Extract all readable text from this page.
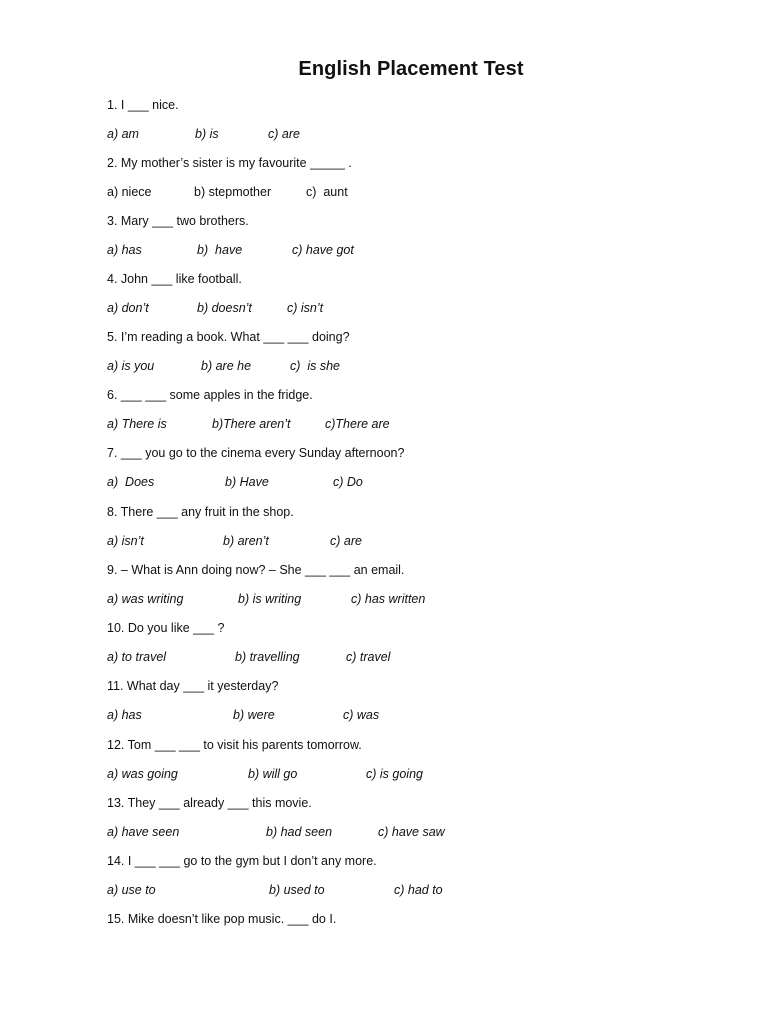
English Placement Test
1. I ___ nice.
a) am	b) is	c) are
2. My mother’s sister is my favourite _____ .
a) niece	b) stepmother	c)  aunt
3. Mary ___ two brothers.
a) has	b)  have	c) have got
4. John ___ like football.
a) don’t	b) doesn’t	c) isn’t
5. I’m reading a book. What ___ ___ doing?
a) is you	b) are he	c)  is she
6. ___ ___ some apples in the fridge.
a) There is	b)There aren’t	c)There are
7. ___ you go to the cinema every Sunday afternoon?
a)  Does	b) Have	c) Do
8. There ___ any fruit in the shop.
a) isn’t	b) aren’t	c) are
9. – What is Ann doing now? – She ___ ___ an email.
a) was writing	b) is writing	c) has written
10. Do you like ___ ?
a) to travel	b) travelling	c) travel
11. What day ___ it yesterday?
a) has	b) were	c) was
12. Tom ___ ___ to visit his parents tomorrow.
a) was going	b) will go	c) is going
13. They ___ already ___ this movie.
a) have seen	b) had seen	c) have saw
14. I ___ ___ go to the gym but I don’t any more.
a) use to	b) used to	c) had to
15. Mike doesn’t like pop music. ___ do I.
